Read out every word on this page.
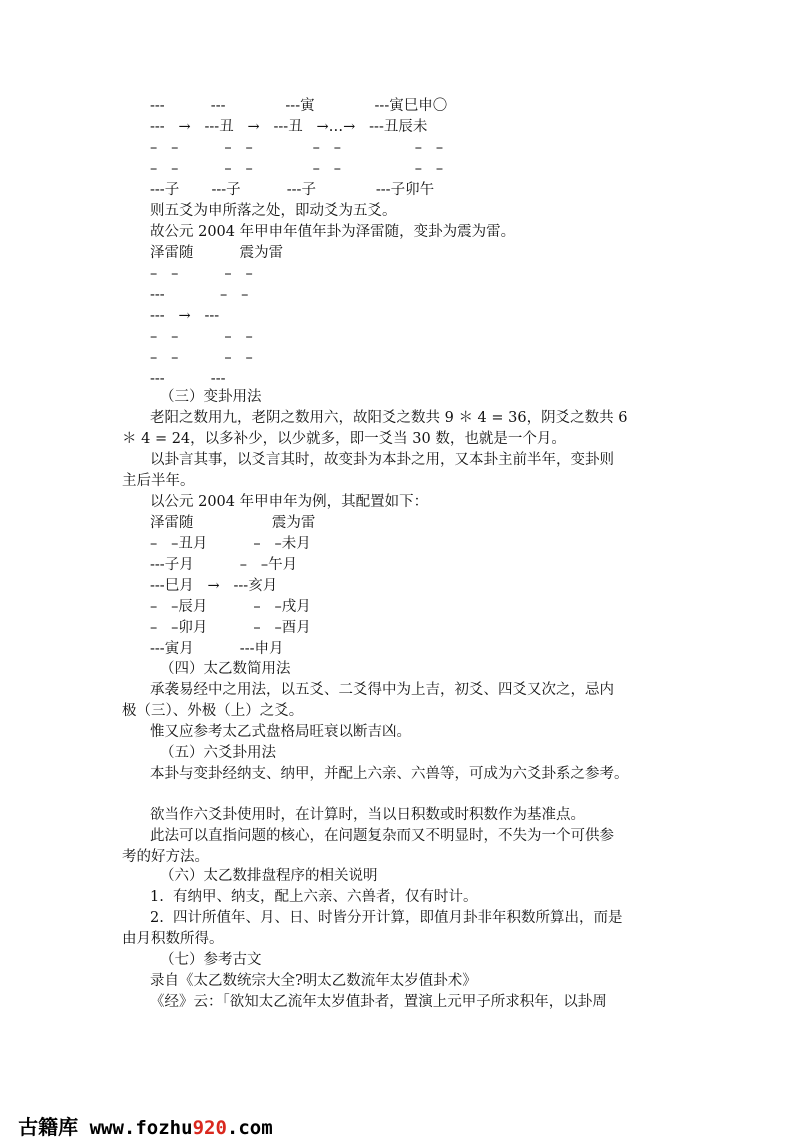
---          ---             ---寅             ---寅巳申〇

---   →   ---丑   →   ---丑   →…→   ---丑辰未

–   –          –   –             –   –                –   –

–   –          –   –             –   –                –   –

---子       ---子          ---子             ---子卯午

则五爻为申所落之处，即动爻为五爻。

故公元 2004 年甲申年值年卦为泽雷随，变卦为震为雷。

泽雷随          震为雷

–   –          –   –

---            –   –

---   →   ---

–   –          –   –

–   –          –   –

---          ---

（三）变卦用法

老阳之数用九，老阴之数用六，故阳爻之数共 9 ＊ 4 = 36，阴爻之数共 6

＊ 4 = 24，以多补少，以少就多，即一爻当 30 数，也就是一个月。

以卦言其事，以爻言其时，故变卦为本卦之用，又本卦主前半年，变卦则

主后半年。

以公元 2004 年甲申年为例，其配置如下：

泽雷随                 震为雷

–   –丑月          –   –未月

---子月          –   –午月

---巳月   →   ---亥月

–   –辰月          –   –戌月

–   –卯月          –   –酉月

---寅月          ---申月

（四）太乙数简用法

承袭易经中之用法，以五爻、二爻得中为上吉，初爻、四爻又次之，忌内

极（三）、外极（上）之爻。

惟又应参考太乙式盘格局旺衰以断吉凶。

（五）六爻卦用法

本卦与变卦经纳支、纳甲，并配上六亲、六兽等，可成为六爻卦系之参考。

欲当作六爻卦使用时，在计算时，当以日积数或时积数作为基准点。

此法可以直指问题的核心，在问题复杂而又不明显时，不失为一个可供参

考的好方法。

（六）太乙数排盘程序的相关说明

1.  有纳甲、纳支，配上六亲、六兽者，仅有时计。

2.  四计所值年、月、日、时皆分开计算，即值月卦非年积数所算出，而是

由月积数所得。

（七）参考古文

录自《太乙数统宗大全?明太乙数流年太岁值卦术》

《经》云：「欲知太乙流年太岁值卦者，置演上元甲子所求积年，以卦周

古籍库 www.fozhu920.com
